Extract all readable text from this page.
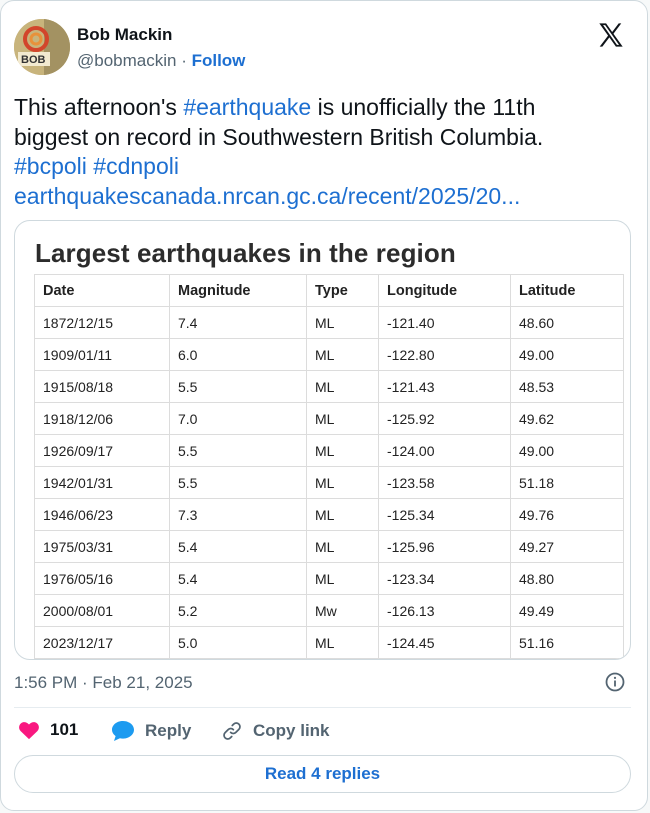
BOB
Bob Mackin
@bobmackin · Follow
This afternoon's #earthquake is unofficially the 11th
biggest on record in Southwestern British Columbia.
#bcpoli #cdnpoli
earthquakescanada.nrcan.gc.ca/recent/2025/20...
Largest earthquakes in the region
Date	Magnitude	Type	Longitude	Latitude
1872/12/15	7.4	ML	-121.40	48.60
1909/01/11	6.0	ML	-122.80	49.00
1915/08/18	5.5	ML	-121.43	48.53
1918/12/06	7.0	ML	-125.92	49.62
1926/09/17	5.5	ML	-124.00	49.00
1942/01/31	5.5	ML	-123.58	51.18
1946/06/23	7.3	ML	-125.34	49.76
1975/03/31	5.4	ML	-125.96	49.27
1976/05/16	5.4	ML	-123.34	48.80
2000/08/01	5.2	Mw	-126.13	49.49
2023/12/17	5.0	ML	-124.45	51.16
1:56 PM · Feb 21, 2025
101	Reply	Copy link
Read 4 replies
